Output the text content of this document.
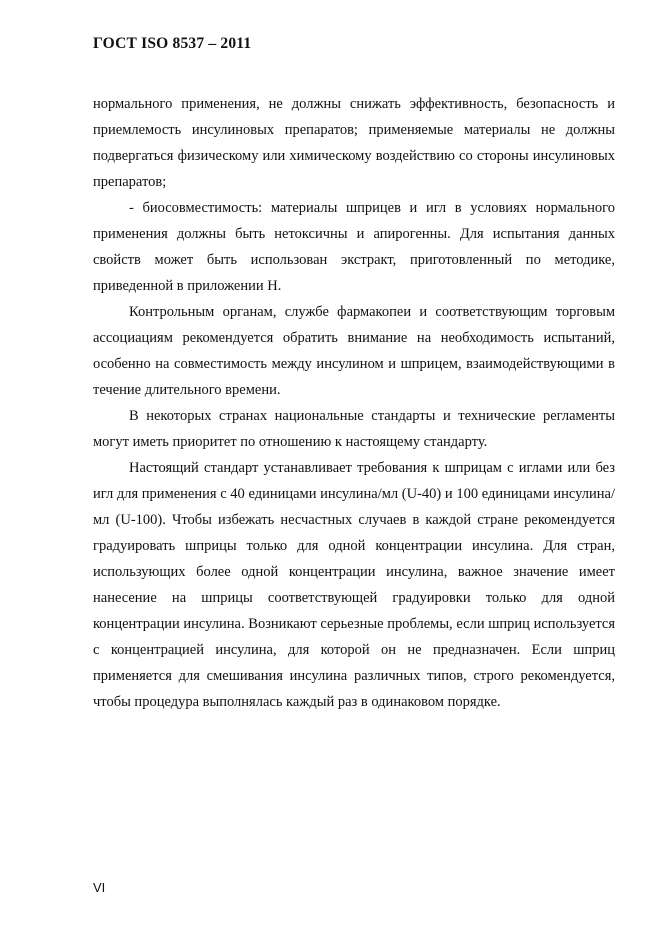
ГОСТ ISO 8537 – 2011

нормального применения, не должны снижать эффективность, безопасность и приемлемость инсулиновых препаратов; применяемые материалы не должны подвергаться физическому или химическому воздействию со стороны инсулиновых препаратов;

- биосовместимость: материалы шприцев и игл в условиях нормального применения должны быть нетоксичны и апирогенны. Для испытания данных свойств может быть использован экстракт, приготовленный по методике, приведенной в приложении Н.

Контрольным органам, службе фармакопеи и соответствующим торговым ассоциациям рекомендуется обратить внимание на необходимость испытаний, особенно на совместимость между инсулином и шприцем, взаимодействующими в течение длительного времени.

В некоторых странах национальные стандарты и технические регламенты могут иметь приоритет по отношению к настоящему стандарту.

Настоящий стандарт устанавливает требования к шприцам с иглами или без игл для применения с 40 единицами инсулина/мл (U-40) и 100 единицами инсулина/мл (U-100). Чтобы избежать несчастных случаев в каждой стране рекомендуется градуировать шприцы только для одной концентрации инсулина. Для стран, использующих более одной концентрации инсулина, важное значение имеет нанесение на шприцы соответствующей градуировки только для одной концентрации инсулина. Возникают серьезные проблемы, если шприц используется с концентрацией инсулина, для которой он не предназначен. Если шприц применяется для смешивания инсулина различных типов, строго рекомендуется, чтобы процедура выполнялась каждый раз в одинаковом порядке.

VI
